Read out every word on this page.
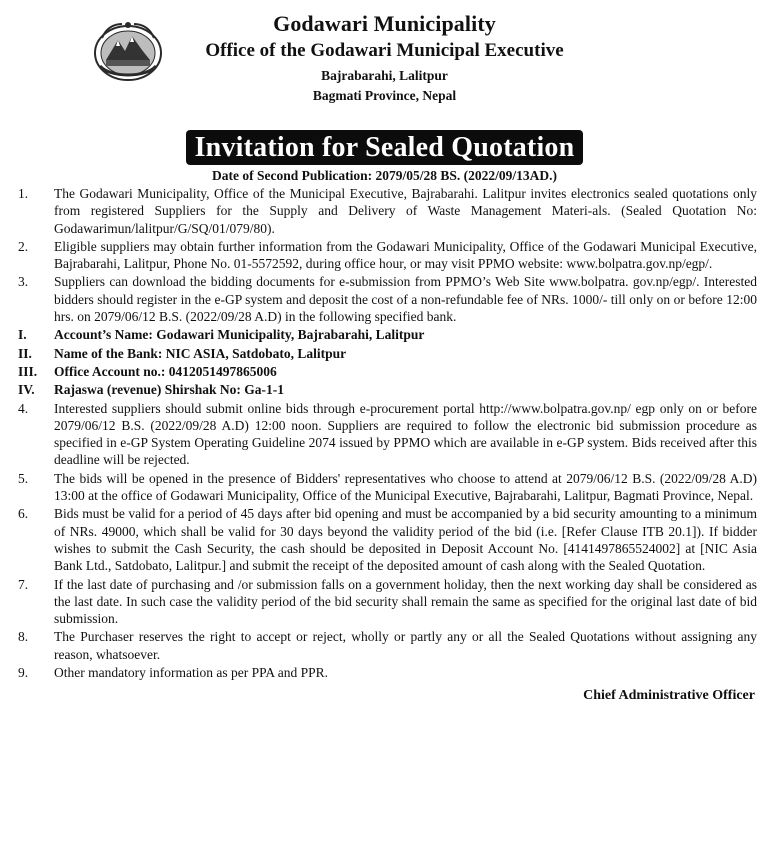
Godawari Municipality

Office of the Godawari Municipal Executive

Bajrabarahi, Lalitpur

Bagmati Province, Nepal

Invitation for Sealed Quotation
Date of Second Publication: 2079/05/28 BS. (2022/09/13AD.)
1. The Godawari Municipality, Office of the Municipal Executive, Bajrabarahi. Lalitpur invites electronics sealed quotations only from registered Suppliers for the Supply and Delivery of Waste Management Materi-als. (Sealed Quotation No: Godawarimun/lalitpur/G/SQ/01/079/80).
2. Eligible suppliers may obtain further information from the Godawari Municipality, Office of the Godawari Municipal Executive, Bajrabarahi, Lalitpur, Phone No. 01-5572592, during office hour, or may visit PPMO website: www.bolpatra.gov.np/egp/.
3. Suppliers can download the bidding documents for e-submission from PPMO’s Web Site www.bolpatra. gov.np/egp/. Interested bidders should register in the e-GP system and deposit the cost of a non-refundable fee of NRs. 1000/- till only on or before 12:00 hrs. on 2079/06/12 B.S. (2022/09/28 A.D) in the following specified bank.
I. Account’s Name: Godawari Municipality, Bajrabarahi, Lalitpur
II. Name of the Bank: NIC ASIA, Satdobato, Lalitpur
III. Office Account no.: 0412051497865006
IV. Rajaswa (revenue) Shirshak No: Ga-1-1
4. Interested suppliers should submit online bids through e-procurement portal http://www.bolpatra.gov.np/ egp only on or before 2079/06/12 B.S. (2022/09/28 A.D) 12:00 noon. Suppliers are required to follow the electronic bid submission procedure as specified in e-GP System Operating Guideline 2074 issued by PPMO which are available in e-GP system. Bids received after this deadline will be rejected.
5. The bids will be opened in the presence of Bidders' representatives who choose to attend at 2079/06/12 B.S. (2022/09/28 A.D) 13:00 at the office of Godawari Municipality, Office of the Municipal Executive, Bajrabarahi, Lalitpur, Bagmati Province, Nepal.
6. Bids must be valid for a period of 45 days after bid opening and must be accompanied by a bid security amounting to a minimum of NRs. 49000, which shall be valid for 30 days beyond the validity period of the bid (i.e. [Refer Clause ITB 20.1]). If bidder wishes to submit the Cash Security, the cash should be deposited in Deposit Account No. [4141497865524002] at [NIC Asia Bank Ltd., Satdobato, Lalitpur.] and submit the receipt of the deposited amount of cash along with the Sealed Quotation.
7. If the last date of purchasing and /or submission falls on a government holiday, then the next working day shall be considered as the last date. In such case the validity period of the bid security shall remain the same as specified for the original last date of bid submission.
8. The Purchaser reserves the right to accept or reject, wholly or partly any or all the Sealed Quotations without assigning any reason, whatsoever.
9. Other mandatory information as per PPA and PPR.
Chief Administrative Officer
